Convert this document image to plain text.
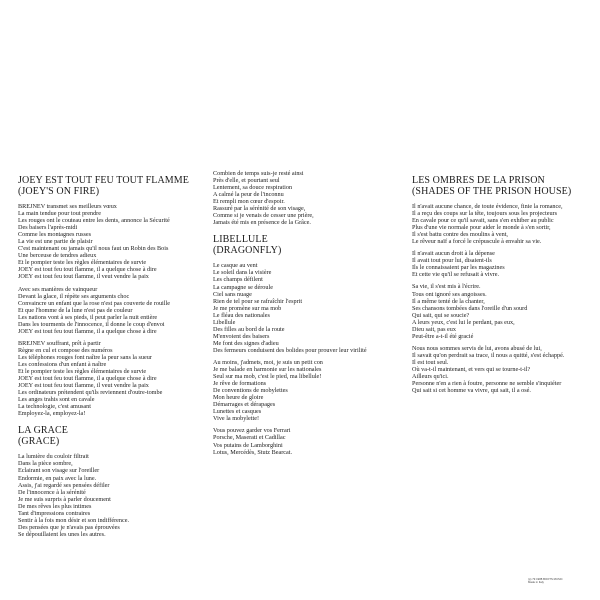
JOEY EST TOUT FEU TOUT FLAMME
(JOEY'S ON FIRE)
BREJNEV transmet ses meilleurs vœux
La main tendue pour tout prendre
Les rouges ont le couteau entre les dents, annonce la Sécurité
Des baisers l'après-midi
Comme les montagnes russes
La vie est une partie de plaisir
C'est maintenant ou jamais qu'il nous faut un Robin des Bois
Une berceuse de tendres adieux
Et le pompier teste les règles élémentaires de survie
JOEY est tout feu tout flamme, il a quelque chose à dire
JOEY est tout feu tout flamme, il veut vendre la paix
Avec ses manières de vainqueur
Devant la glace, il répète ses arguments choc
Convaincre un enfant que la rose n'est pas couverte de rouille
Et que l'homme de la lune n'est pas de couleur
Les nations vont à ses pieds, il peut parler la nuit entière
Dans les tourments de l'innocence, il donne le coup d'envoi
JOEY est tout feu tout flamme, il a quelque chose à dire
BREJNEV souffrant, prêt à partir
Règne en cul et compose des numéros
Les téléphones rouges font naître la peur sans la sueur
Les confessions d'un enfant à naître
Et le pompier teste les règles élémentaires de survie
JOEY est tout feu tout flamme, il a quelque chose à dire
JOEY est tout feu tout flamme, il veut vendre la paix
Les ordinateurs prétendent qu'ils reviennent d'outre-tombe
Les anges trahis sont en cavale
La technologie, c'est amusant
Employez-la, employez-la!
LA GRACE
(GRACE)
La lumière du couloir filtrait
Dans la pièce sombre,
Eclairant son visage sur l'oreiller
Endormie, en paix avec la lune.
Assis, j'ai regardé ses pensées défiler
De l'innocence à la sérénité
Je me suis surpris à parler doucement
De mes rêves les plus intimes
Tant d'impressions contraires
Sentir à la fois mon désir et son indifférence.
Des pensées que je n'avais pas éprouvées
Se dépouillaient les unes les autres.
Combien de temps suis-je resté ainsi
Près d'elle, et pourtant seul
Lentement, sa douce respiration
A calmé la peur de l'inconnu
Et rempli mon cœur d'espoir.
Rassuré par la sérénité de son visage,
Comme si je venais de cesser une prière,
Jamais été mis en présence de la Grâce.
LIBELLULE
(DRAGONFLY)
Le casque au vent
Le soleil dans la visière
Les champs défilent
La campagne se déroule
Ciel sans nuage
Rien de tel pour se rafraîchir l'esprit
Je me promène sur ma mob
Le fléau des nationales
Libellule
Des filles au bord de la route
M'envoient des baisers
Me font des signes d'adieu
Des fermeurs conduisent des bolides pour prouver leur virilité
Au moins, j'admets, moi, je suis un petit con
Je me balade en harmonie sur les nationales
Seul sur ma mob, c'est le pied, ma libellule!
Je rêve de formations
De conventions de mobylettes
Mon heure de gloire
Démarrages et dérapages
Lunettes et casques
Vive la mobylette!
Vous pouvez garder vos Ferrari
Porsche, Maserati et Cadillac
Vos putains de Lamborghini
Lotus, Mercédès, Stutz Bearcat.
LES OMBRES DE LA PRISON
(SHADES OF THE PRISON HOUSE)
Il n'avait aucune chance, de toute évidence, finie la romance,
Il a reçu des coups sur la tête, toujours sous les projecteurs
En cavale pour ce qu'il savait, sans s'en exhiber au public
Plus d'une vie normale pour aider le monde à s'en sortir,
Il s'est battu contre des moulins à vent,
Le rêveur naïf a forcé le crépuscule à envahir sa vie.
Il n'avait aucun droit à la dépense
Il avait tout pour lui, disaient-ils
Ils le connaissaient par les magazines
Et cette vie qu'il se refusait à vivre.
Sa vie, il s'est mis à l'écrire.
Tous ont ignoré ses angoisses.
Il a même tenté de la chanter,
Ses chansons tombées dans l'oreille d'un sourd
Qui sait, qui se soucie?
A leurs yeux, c'est lui le perdant, pas eux,
Dieu sait, pas eux
Peut-être a-t-il été gracié
Nous nous sommes servis de lui, avons abusé de lui,
Il savait qu'on perdrait sa trace, il nous a quitté, s'est échappé.
Il est tout seul.
Où va-t-il maintenant, et vers qui se tourne-t-il?
Ailleurs qu'ici.
Personne n'en a rien à foutre, personne ne semble s'inquiéter
Qui sait si cet homme va vivre, qui sait, il a osé.
(p) 79 1988 BOOTS MUSIC
Made in Italy
